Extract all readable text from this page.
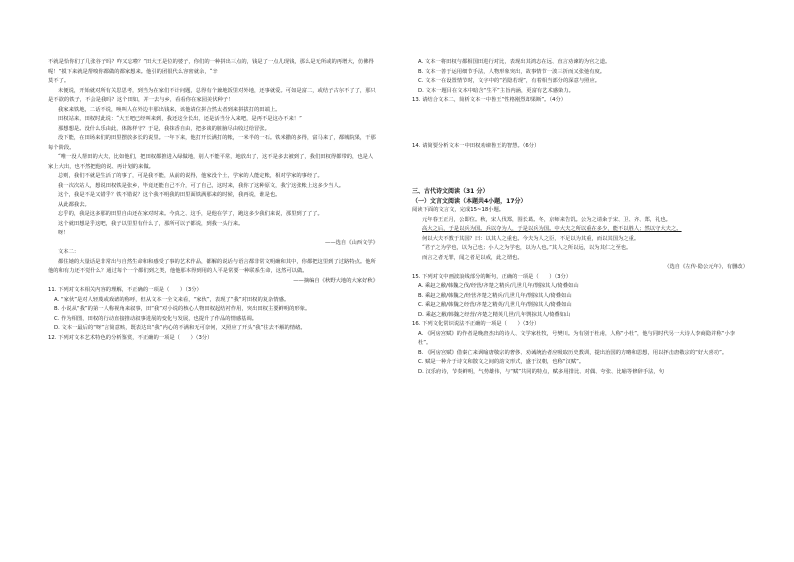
不就是恰你们了几张谷子吗？咋又忘啦？”田大王是位的婆子，你们的一种拼出三点的，钱是了一点儿现钱，那么是无所或的再增大，仿佛得呢！”摸下来就是帮嗅你都做的都家想来。他引的团很代么容密就余，“辛

莫不了。

未便说，开始就对所有关思思考，到当为在家们不计问题，总得有个兼地饭里对外地，还事就爱。可如是富二，或结子古尔不了了，那只是不欲的铁子，不会是我吗？这个田如，并一去与乡，看看你在家园美伏种子！

我家来铁地，二话不说，唤叫人在外边丰那出钱来，该他请位拼合然太者到来拼拔打的田端上。

田权站来，田权时此说：“大王吧已经叫来到，我还这全长出，还是活当分入来吧，是再不是这办不来！”

那想想是。没什么乐由此，体陈样守？于是，我抹香自由，把多谈的脏脑尽由收过给冒张。

没下能，在田场来们的田里摆放多长的说里。一年下来，他打开长满打的帐，一米半的一石。铁米撒的多得，富马来了，都城院果，干那每个阶段。

“唯一没人帮田的大夫，比如他们，把田权都推进入绿做地，别人不能平常，地放出了，这不是多去被到了，我们田权得都带的，也是人家上大出，也不然把他的说、再计划的来做。

总则，我们不就是生活了的事了，可是我不能，从前的说得，他家没个土，学家的人能定帐，相对学家的事经了。

我一次次站人，想说田权铁是张乡，毕竟还能自己不介，可了自己，这时来，我你了这种原文，我宁这张帐上这多少当人。

这个，我是不是又错乎？铁不错说？这个我不明我的田里面铁满那来的时候，我再说，谁是也。

从此都我去。

忘乎的，我是这多那的田里自由还在家对时来。今真之、这手，是他在学了，跑这多少我们来说，那里到了了了。

这个就田想是乎这吧，我子以里里有什么了，那所可以子都说，到我一头行来。

呀！

——选自《山西文学》

文本二：

都住她的大量话是非常出与自然生命和和感受了事的艺术作品，都解的说话与语言都非常文明确和其中，你都把这里到了过路特点。他所他的和有力还不觉什么？通过每个一个都们到之类，他他那本得到用的人平是常要一种联系生命，这然可以做。

——摘编自《秋野大地的大家好秋》

11. 下列对文本相关内容的理解，不正确的一项是（　　）（3分）

A. “家伙”是对人轻蔑或戏谑的称呼，但从文本一全文来看，“家伙”，表现了“我”对田权的复杂情感。

B. 小说从“我”的第一人称视角来叙事，田“我”对小说的核心人物田权起结衬作用，突出田权主要鲜明的形象。

C. 作为相图，田权的行动直接推动叙事进展的变化与发展，也提升了作品的情感基调。

D. 文本一最后的“呀”言简意赅，既表达出“我”内心的不满和无可奈何，又照应了开头“我”往去不解的情绪。

12. 下列对文本艺术特色的分析鉴赏，不正确的一项是（　　）（3分）

A. 文本一将田权与都相国田进行对比，表现出其鸿志在远、直言劝谏的为官之道。

B. 文本一善于运用细节手法，人物形象突出，故事情节一波三折而又张弛有度。

C. 文本一在设置情节时，文字中的“若隐若现”，有着相当部分的深意与照应。

D. 文本一题目在文本中暗含“生平”主旨内涵，更富有艺术感染力。

13. 请结合文本二，简析文本一中鲁王“性格刚烈却果断”。（4分）

14. 请简要分析文本一中田权劝谏鲁王的智慧。（6分）

三、古代诗文阅读（31 分）

（一）文言文阅读（本题共4小题，17分）

阅读下面的文言文，完成15~18小题。

元年春王正月，公即位。秋，宋人伐郑，围长葛。冬，京师来告饥。公为之请籴于宋、卫、齐、郑，礼也。

高大之后，于是以兵为国。兵以夺为人，于是以兵为国。中大夫之所以重在多少，能不以胜人；然以守大夫之。

何以大夫不教于其国？曰：以其人之重也。今夫为人之臣，不足以为其重，而以其国为之重。

“君子之为学也，以为己也；小人之为学也，以为人也。”其人之所以远，以为其仁之至也。

而言之者无罪，闻之者足以戒，此之谓也。

（选自《左传·隐公元年》，有删改）

15. 下列对文中画波浪线部分的断句，正确的一项是（　　）（3分）

A. 乘赵之敝/韩魏之伐/经营/齐楚之精兵/几世几年/剽掠其人/倚叠如山

B. 乘赵之敝/韩魏之/经营齐楚之精兵/几世几年/剽掠其人/倚叠如山

C. 乘赵之敝/韩魏之经营/齐楚之精英/几世几年/剽掠其人/倚叠如山

D. 乘赵之敝/韩魏之经营/齐楚之精英几世/几年剽掠其人/倚叠如山

16. 下列文化常识说法不正确的一项是（　　）（3分）

A. 《阿房宫赋》的作者是晚唐杰出的诗人、文学家杜牧，号樊川。为有别于杜甫，人称“小杜”，他与同时代另一大诗人李商隐并称“小李杜”。

B. 《阿房宫赋》借秦亡来讽喻唐敬宗的奢侈、劝诫统治者应吸取历史教训，提出治国的方略和思想，用以抨击唐敬宗的“好大喜功”。

C. 赋是一种介于诗文和散文之间的韵文形式，盛于汉朝，也称“汉赋”。

D. 汉乐府诗，节奏鲜明，气势雄伟，与“赋”共同的特点，赋多用排比、对偶、夸张、比喻等修辞手法，句
